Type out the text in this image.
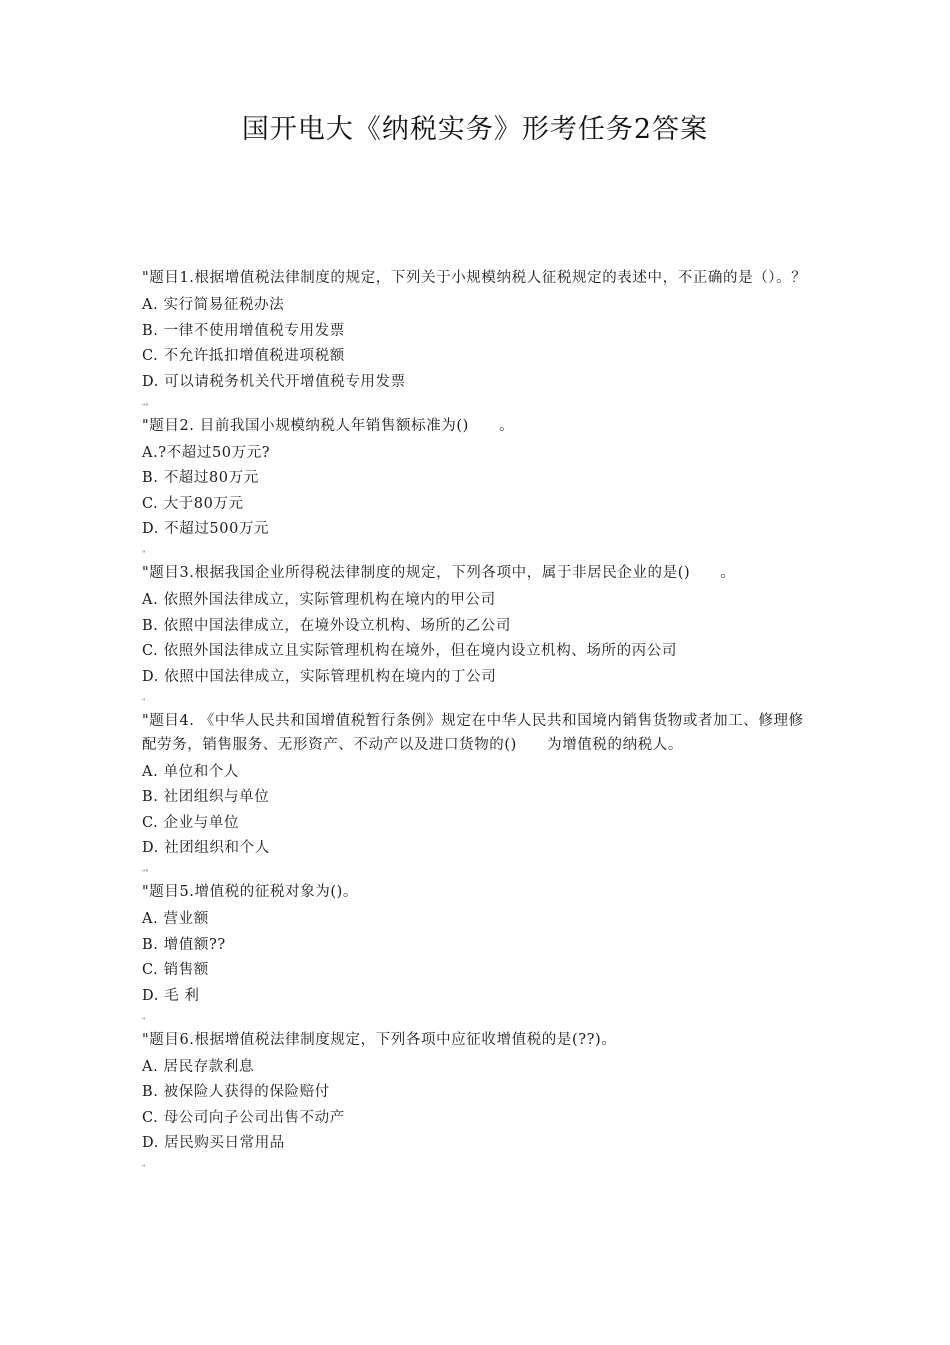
国开电大《纳税实务》形考任务2答案

"题目1.根据增值税法律制度的规定，下列关于小规模纳税人征税规定的表述中，不正确的是（）。？

A. 实行简易征税办法

B. 一律不使用增值税专用发票

C. 不允许抵扣增值税进项税额

D. 可以请税务机关代开增值税专用发票

""

"题目2. 目前我国小规模纳税人年销售额标准为()　　。

A.?不超过50万元?

B. 不超过80万元

C. 大于80万元

D. 不超过500万元

"

"题目3.根据我国企业所得税法律制度的规定，下列各项中，属于非居民企业的是()　　。

A. 依照外国法律成立，实际管理机构在境内的甲公司

B. 依照中国法律成立，在境外设立机构、场所的乙公司

C. 依照外国法律成立且实际管理机构在境外，但在境内设立机构、场所的丙公司

D. 依照中国法律成立，实际管理机构在境内的丁公司

"

"题目4. 《中华人民共和国增值税暂行条例》规定在中华人民共和国境内销售货物或者加工、修理修配劳务，销售服务、无形资产、不动产以及进口货物的()　　为增值税的纳税人。

A. 单位和个人

B. 社团组织与单位

C. 企业与单位

D. 社团组织和个人

""

"题目5.增值税的征税对象为()。

A. 营业额

B. 增值额??

C. 销售额

D. 毛 利

"

"题目6.根据增值税法律制度规定，下列各项中应征收增值税的是(??)。

A. 居民存款利息

B. 被保险人获得的保险赔付

C. 母公司向子公司出售不动产

D. 居民购买日常用品

"
